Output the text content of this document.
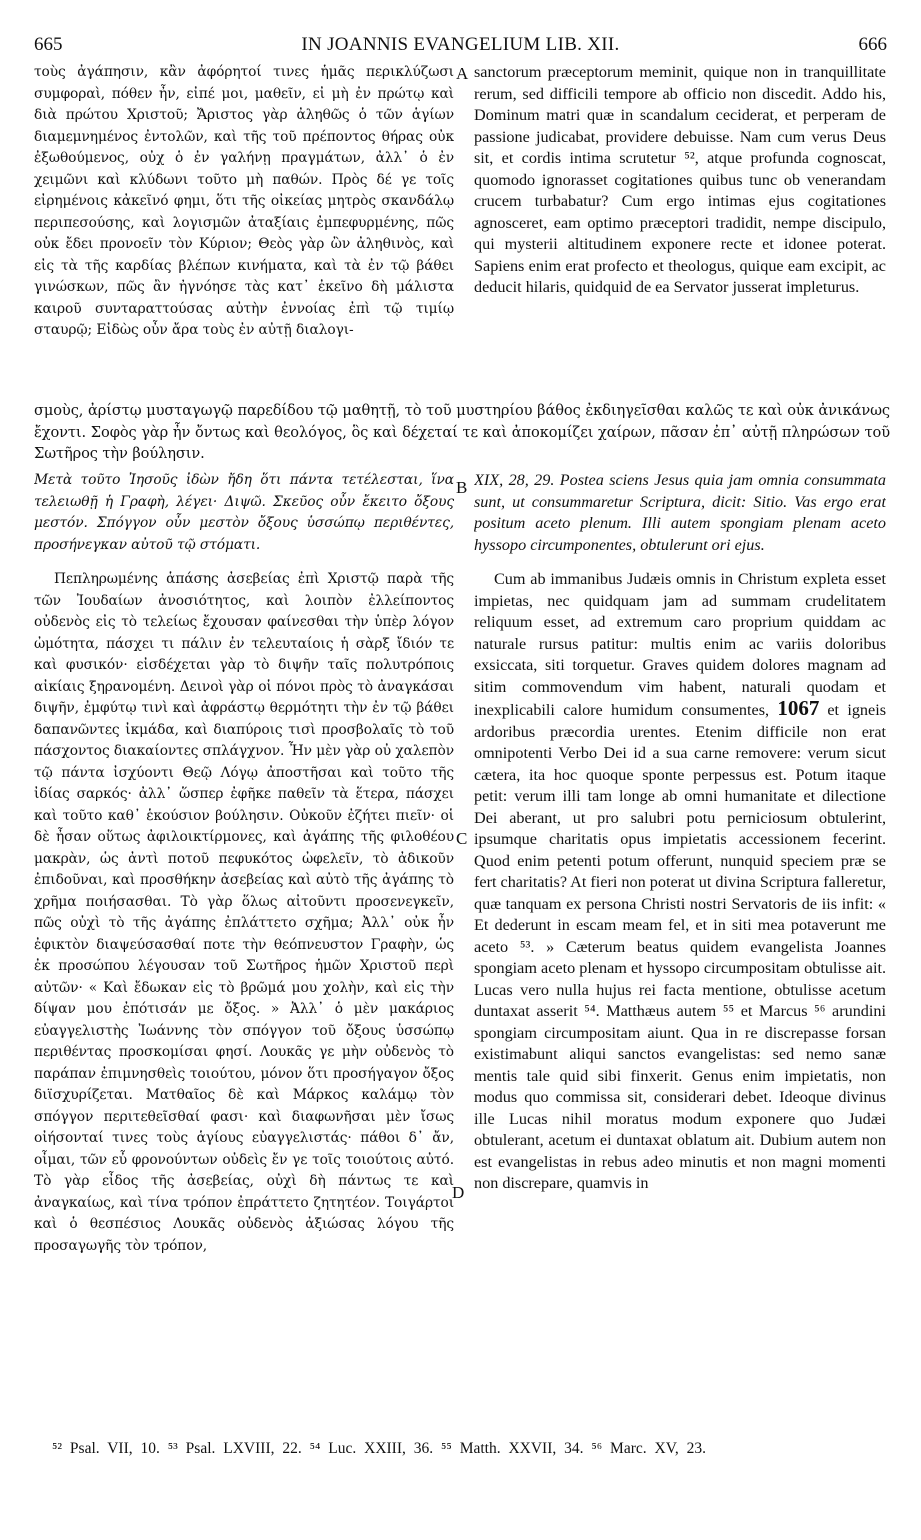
665	IN JOANNIS EVANGELIUM LIB. XII.	666

τοὺς ἀγάπησιν, κἂν ἀφόρητοί τινες ἡμᾶς περικλύζωσι συμφοραὶ, πόθεν ἦν, εἰπέ μοι, μαθεῖν, εἰ μὴ ἐν πρώτῳ καὶ διὰ πρώτου Χριστοῦ; Ἄριστος γὰρ ἀληθῶς ὁ τῶν ἁγίων διαμεμνημένος ἐντολῶν, καὶ τῆς τοῦ πρέποντος θήρας οὐκ ἐξωθούμενος, οὐχ ὁ ἐν γαλήνῃ πραγμάτων, ἀλλ᾽ ὁ ἐν χειμῶνι καὶ κλύδωνι τοῦτο μὴ παθών. Πρὸς δέ γε τοῖς εἰρημένοις κἀκεῖνό φημι, ὅτι τῆς οἰκείας μητρὸς σκανδάλῳ περιπεσούσης, καὶ λογισμῶν ἀταξίαις ἐμπεφυρμένης, πῶς οὐκ ἔδει προνοεῖν τὸν Κύριον; Θεὸς γὰρ ὢν ἀληθινὸς, καὶ εἰς τὰ τῆς καρδίας βλέπων κινήματα, καὶ τὰ ἐν τῷ βάθει γινώσκων, πῶς ἂν ἠγνόησε τὰς κατ᾽ ἐκεῖνο δὴ μάλιστα καιροῦ συνταραττούσας αὐτὴν ἐννοίας ἐπὶ τῷ τιμίῳ σταυρῷ; Εἰδὼς οὖν ἄρα τοὺς ἐν αὐτῇ διαλογι-

sanctorum præceptorum meminit, quique non in tranquillitate rerum, sed difficili tempore ab officio non discedit. Addo his, Dominum matri quæ in scandalum ceciderat, et perperam de passione judicabat, providere debuisse. Nam cum verus Deus sit, et cordis intima scrutetur ⁵², atque profunda cognoscat, quomodo ignorasset cogitationes quibus tunc ob venerandam crucem turbabatur? Cum ergo intimas ejus cogitationes agnosceret, eam optimo præceptori tradidit, nempe discipulo, qui mysterii altitudinem exponere recte et idonee poterat. Sapiens enim erat profecto et theologus, quique eam excipit, ac deducit hilaris, quidquid de ea Servator jusserat impleturus.

σμοὺς, ἀρίστῳ μυσταγωγῷ παρεδίδου τῷ μαθητῇ, τὸ τοῦ μυστηρίου βάθος ἐκδιηγεῖσθαι καλῶς τε καὶ οὐκ ἀνικάνως ἔχοντι. Σοφὸς γὰρ ἦν ὄντως καὶ θεολόγος, ὃς καὶ δέχεταί τε καὶ ἀποκομίζει χαίρων, πᾶσαν ἐπ᾽ αὐτῇ πληρώσων τοῦ Σωτῆρος τὴν βούλησιν.

A
B
C
D

Μετὰ τοῦτο Ἰησοῦς ἰδὼν ἤδη ὅτι πάντα τετέλεσται, ἵνα τελειωθῇ ἡ Γραφὴ, λέγει· Διψῶ. Σκεῦος οὖν ἔκειτο ὄξους μεστόν. Σπόγγον οὖν μεστὸν ὄξους ὑσσώπῳ περιθέντες, προσήνεγκαν αὐτοῦ τῷ στόματι.

Πεπληρωμένης ἁπάσης ἀσεβείας ἐπὶ Χριστῷ παρὰ τῆς τῶν Ἰουδαίων ἀνοσιότητος, καὶ λοιπὸν ἐλλείποντος οὐδενὸς εἰς τὸ τελείως ἔχουσαν φαίνεσθαι τὴν ὑπὲρ λόγον ὠμότητα, πάσχει τι πάλιν ἐν τελευταίοις ἡ σὰρξ ἴδιόν τε καὶ φυσικόν· εἰσδέχεται γὰρ τὸ διψῆν ταῖς πολυτρόποις αἰκίαις ξηρανομένη. Δεινοὶ γὰρ οἱ πόνοι πρὸς τὸ ἀναγκάσαι διψῆν, ἐμφύτῳ τινὶ καὶ ἀφράστῳ θερμότητι τὴν ἐν τῷ βάθει δαπανῶντες ἰκμάδα, καὶ διαπύροις τισὶ προσβολαῖς τὸ τοῦ πάσχοντος διακαίοντες σπλάγχνον. Ἦν μὲν γὰρ οὐ χαλεπὸν τῷ πάντα ἰσχύοντι Θεῷ Λόγῳ ἀποστῆσαι καὶ τοῦτο τῆς ἰδίας σαρκός· ἀλλ᾽ ὥσπερ ἐφῆκε παθεῖν τὰ ἕτερα, πάσχει καὶ τοῦτο καθ᾽ ἑκούσιον βούλησιν. Οὐκοῦν ἐζήτει πιεῖν· οἱ δὲ ἦσαν οὕτως ἀφιλοικτίρμονες, καὶ ἀγάπης τῆς φιλοθέου μακρὰν, ὡς ἀντὶ ποτοῦ πεφυκότος ὠφελεῖν, τὸ ἀδικοῦν ἐπιδοῦναι, καὶ προσθήκην ἀσεβείας καὶ αὐτὸ τῆς ἀγάπης τὸ χρῆμα ποιήσασθαι. Τὸ γὰρ ὅλως αἰτοῦντι προσενεγκεῖν, πῶς οὐχὶ τὸ τῆς ἀγάπης ἐπλάττετο σχῆμα; Ἀλλ᾽ οὐκ ἦν ἐφικτὸν διαψεύσασθαί ποτε τὴν θεόπνευστον Γραφὴν, ὡς ἐκ προσώπου λέγουσαν τοῦ Σωτῆρος ἡμῶν Χριστοῦ περὶ αὐτῶν· « Καὶ ἔδωκαν εἰς τὸ βρῶμά μου χολὴν, καὶ εἰς τὴν δίψαν μου ἐπότισάν με ὄξος. » Ἀλλ᾽ ὁ μὲν μακάριος εὐαγγελιστὴς Ἰωάννης τὸν σπόγγον τοῦ ὄξους ὑσσώπῳ περιθέντας προσκομίσαι φησί. Λουκᾶς γε μὴν οὐδενὸς τὸ παράπαν ἐπιμνησθεὶς τοιούτου, μόνον ὅτι προσήγαγον ὄξος διϊσχυρίζεται. Ματθαῖος δὲ καὶ Μάρκος καλάμῳ τὸν σπόγγον περιτεθεῖσθαί φασι· καὶ διαφωνῆσαι μὲν ἴσως οἰήσονταί τινες τοὺς ἁγίους εὐαγγελιστάς· πάθοι δ᾽ ἄν, οἶμαι, τῶν εὖ φρονούντων οὐδεὶς ἔν γε τοῖς τοιούτοις αὐτό. Τὸ γὰρ εἶδος τῆς ἀσεβείας, οὐχὶ δὴ πάντως τε καὶ ἀναγκαίως, καὶ τίνα τρόπον ἐπράττετο ζητητέον. Τοιγάρτοι καὶ ὁ θεσπέσιος Λουκᾶς οὐδενὸς ἀξιώσας λόγου τῆς προσαγωγῆς τὸν τρόπον,

XIX, 28, 29. Postea sciens Jesus quia jam omnia consummata sunt, ut consummaretur Scriptura, dicit: Sitio. Vas ergo erat positum aceto plenum. Illi autem spongiam plenam aceto hyssopo circumponentes, obtulerunt ori ejus.

Cum ab immanibus Judæis omnis in Christum expleta esset impietas, nec quidquam jam ad summam crudelitatem reliquum esset, ad extremum caro proprium quiddam ac naturale rursus patitur: multis enim ac variis doloribus exsiccata, siti torquetur. Graves quidem dolores magnam ad sitim commovendum vim habent, naturali quodam et inexplicabili calore humidum consumentes, 1067 et igneis ardoribus præcordia urentes. Etenim difficile non erat omnipotenti Verbo Dei id a sua carne removere: verum sicut cætera, ita hoc quoque sponte perpessus est. Potum itaque petit: verum illi tam longe ab omni humanitate et dilectione Dei aberant, ut pro salubri potu perniciosum obtulerint, ipsumque charitatis opus impietatis accessionem fecerint. Quod enim petenti potum offerunt, nunquid speciem præ se fert charitatis? At fieri non poterat ut divina Scriptura falleretur, quæ tanquam ex persona Christi nostri Servatoris de iis infit: « Et dederunt in escam meam fel, et in siti mea potaverunt me aceto ⁵³. » Cæterum beatus quidem evangelista Joannes spongiam aceto plenam et hyssopo circumpositam obtulisse ait. Lucas vero nulla hujus rei facta mentione, obtulisse acetum duntaxat asserit ⁵⁴. Matthæus autem ⁵⁵ et Marcus ⁵⁶ arundini spongiam circumpositam aiunt. Qua in re discrepasse forsan existimabunt aliqui sanctos evangelistas: sed nemo sanæ mentis tale quid sibi finxerit. Genus enim impietatis, non modus quo commissa sit, considerari debet. Ideoque divinus ille Lucas nihil moratus modum exponere quo Judæi obtulerant, acetum ei duntaxat oblatum ait. Dubium autem non est evangelistas in rebus adeo minutis et non magni momenti non discrepare, quamvis in

⁵² Psal. VII, 10. ⁵³ Psal. LXVIII, 22. ⁵⁴ Luc. XXIII, 36. ⁵⁵ Matth. XXVII, 34. ⁵⁶ Marc. XV, 23.
